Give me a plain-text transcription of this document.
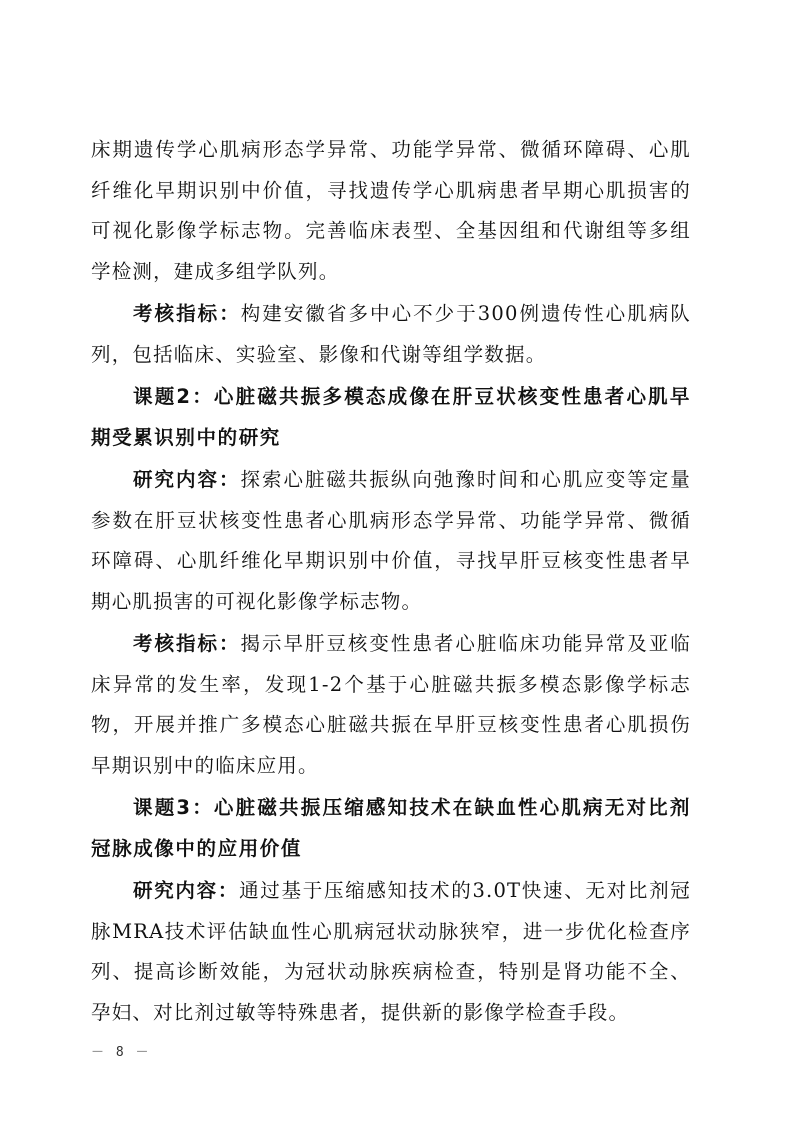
床期遗传学心肌病形态学异常、功能学异常、微循环障碍、心肌纤维化早期识别中价值，寻找遗传学心肌病患者早期心肌损害的可视化影像学标志物。完善临床表型、全基因组和代谢组等多组学检测，建成多组学队列。

考核指标：构建安徽省多中心不少于300例遗传性心肌病队列，包括临床、实验室、影像和代谢等组学数据。

课题2：心脏磁共振多模态成像在肝豆状核变性患者心肌早期受累识别中的研究

研究内容：探索心脏磁共振纵向弛豫时间和心肌应变等定量参数在肝豆状核变性患者心肌病形态学异常、功能学异常、微循环障碍、心肌纤维化早期识别中价值，寻找早肝豆核变性患者早期心肌损害的可视化影像学标志物。

考核指标：揭示早肝豆核变性患者心脏临床功能异常及亚临床异常的发生率，发现1-2个基于心脏磁共振多模态影像学标志物，开展并推广多模态心脏磁共振在早肝豆核变性患者心肌损伤早期识别中的临床应用。

课题3：心脏磁共振压缩感知技术在缺血性心肌病无对比剂冠脉成像中的应用价值

研究内容：通过基于压缩感知技术的3.0T快速、无对比剂冠脉MRA技术评估缺血性心肌病冠状动脉狭窄，进一步优化检查序列、提高诊断效能，为冠状动脉疾病检查，特别是肾功能不全、孕妇、对比剂过敏等特殊患者，提供新的影像学检查手段。

－ 8 －
